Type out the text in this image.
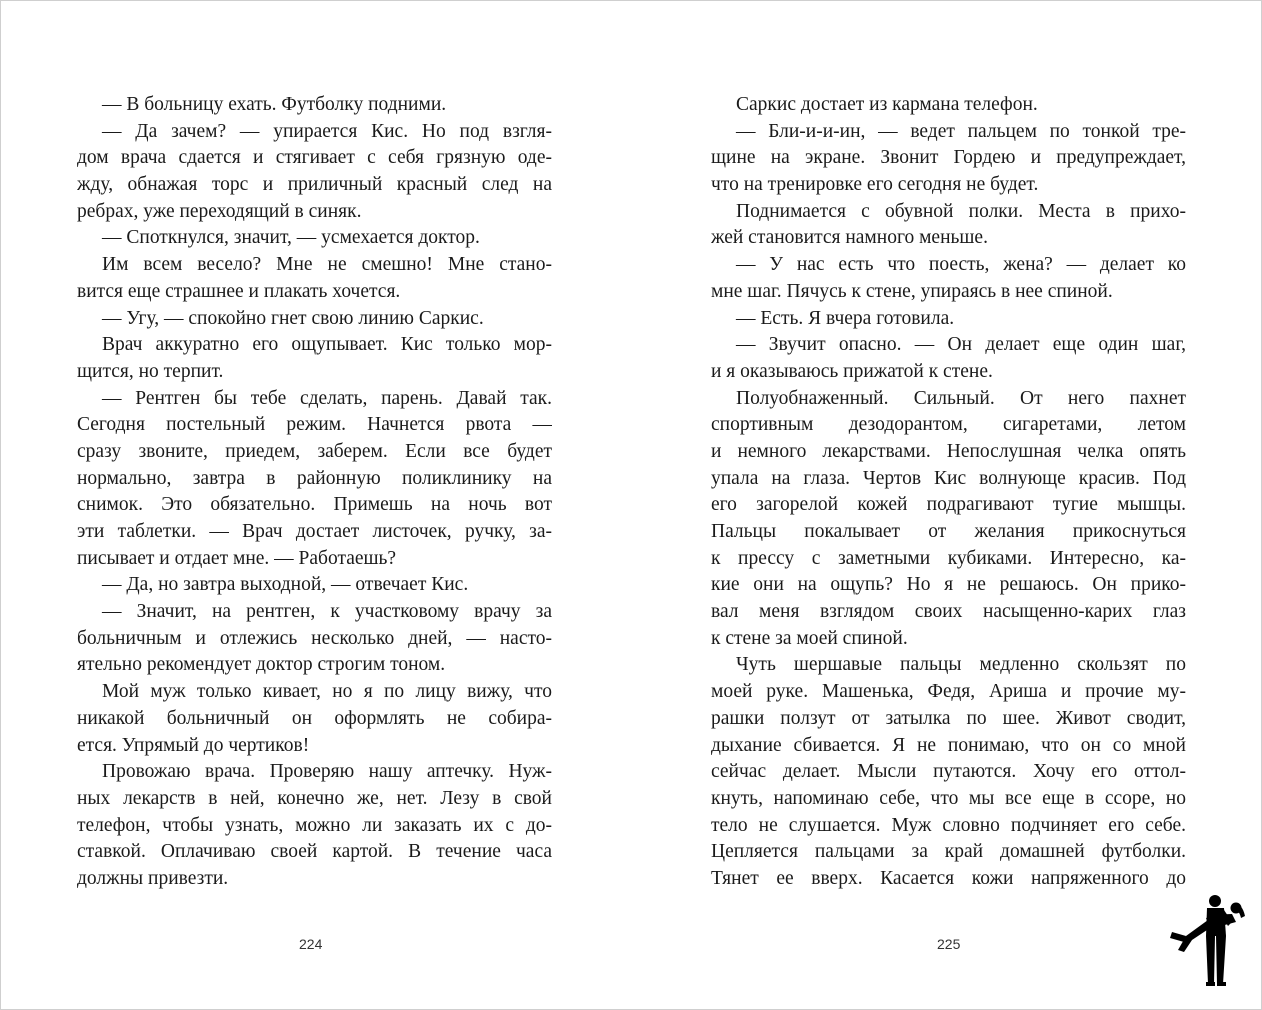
— В больницу ехать. Футболку подними.
— Да зачем? — упирается Кис. Но под взгля-
дом врача сдается и стягивает с себя грязную оде-
жду, обнажая торс и приличный красный след на
ребрах, уже переходящий в синяк.
— Споткнулся, значит, — усмехается доктор.
Им всем весело? Мне не смешно! Мне стано-
вится еще страшнее и плакать хочется.
— Угу, — спокойно гнет свою линию Саркис.
Врач аккуратно его ощупывает. Кис только мор-
щится, но терпит.
— Рентген бы тебе сделать, парень. Давай так.
Сегодня постельный режим. Начнется рвота —
сразу звоните, приедем, заберем. Если все будет
нормально, завтра в районную поликлинику на
снимок. Это обязательно. Примешь на ночь вот
эти таблетки. — Врач достает листочек, ручку, за-
писывает и отдает мне. — Работаешь?
— Да, но завтра выходной, — отвечает Кис.
— Значит, на рентген, к участковому врачу за
больничным и отлежись несколько дней, — насто-
ятельно рекомендует доктор строгим тоном.
Мой муж только кивает, но я по лицу вижу, что
никакой больничный он оформлять не собира-
ется. Упрямый до чертиков!
Провожаю врача. Проверяю нашу аптечку. Нуж-
ных лекарств в ней, конечно же, нет. Лезу в свой
телефон, чтобы узнать, можно ли заказать их с до-
ставкой. Оплачиваю своей картой. В течение часа
должны привезти.
Саркис достает из кармана телефон.
— Бли-и-и-ин, — ведет пальцем по тонкой тре-
щине на экране. Звонит Гордею и предупреждает,
что на тренировке его сегодня не будет.
Поднимается с обувной полки. Места в прихо-
жей становится намного меньше.
— У нас есть что поесть, жена? — делает ко
мне шаг. Пячусь к стене, упираясь в нее спиной.
— Есть. Я вчера готовила.
— Звучит опасно. — Он делает еще один шаг,
и я оказываюсь прижатой к стене.
Полуобнаженный. Сильный. От него пахнет
спортивным дезодорантом, сигаретами, летом
и немного лекарствами. Непослушная челка опять
упала на глаза. Чертов Кис волнующе красив. Под
его загорелой кожей подрагивают тугие мышцы.
Пальцы покалывает от желания прикоснуться
к прессу с заметными кубиками. Интересно, ка-
кие они на ощупь? Но я не решаюсь. Он прико-
вал меня взглядом своих насыщенно-карих глаз
к стене за моей спиной.
Чуть шершавые пальцы медленно скользят по
моей руке. Машенька, Федя, Ариша и прочие му-
рашки ползут от затылка по шее. Живот сводит,
дыхание сбивается. Я не понимаю, что он со мной
сейчас делает. Мысли путаются. Хочу его оттол-
кнуть, напоминаю себе, что мы все еще в ссоре, но
тело не слушается. Муж словно подчиняет его себе.
Цепляется пальцами за край домашней футболки.
Тянет ее вверх. Касается кожи напряженного до
224	225
